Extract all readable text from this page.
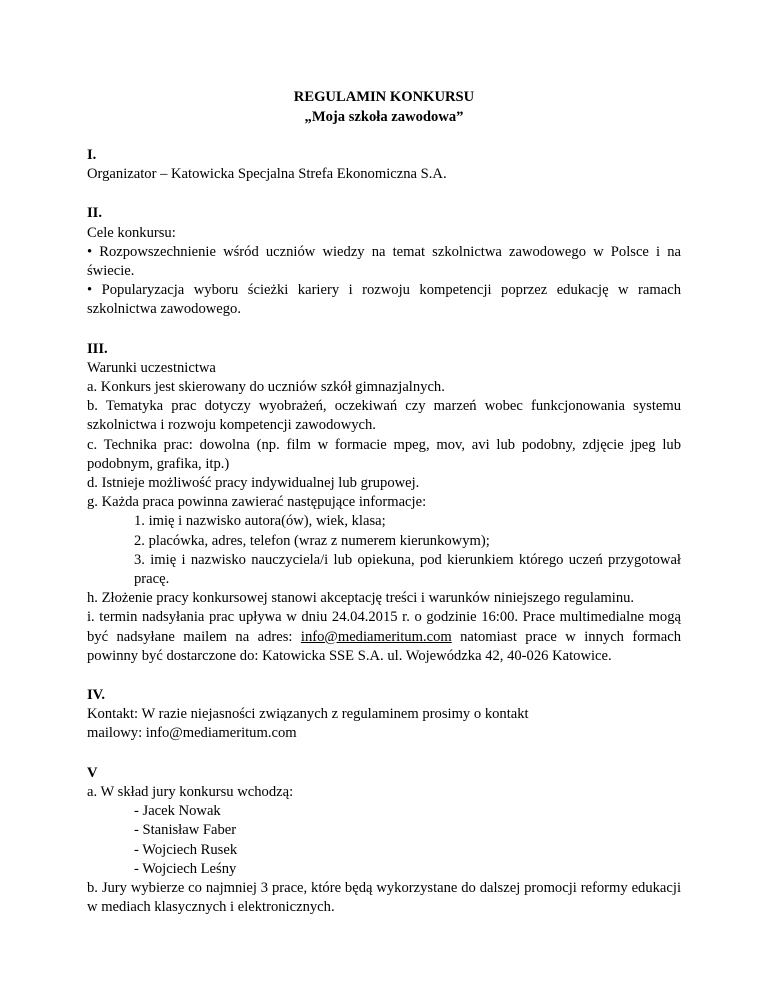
REGULAMIN KONKURSU
„Moja szkoła zawodowa”

I.

Organizator – Katowicka Specjalna Strefa Ekonomiczna S.A.

II.

Cele konkursu:

• Rozpowszechnienie wśród uczniów wiedzy na temat szkolnictwa zawodowego w Polsce i na świecie.

• Popularyzacja wyboru ścieżki kariery i rozwoju kompetencji poprzez edukację w ramach szkolnictwa zawodowego.

III.

Warunki uczestnictwa

a. Konkurs jest skierowany do uczniów szkół gimnazjalnych.

b. Tematyka prac dotyczy wyobrażeń, oczekiwań czy marzeń wobec funkcjonowania systemu szkolnictwa i rozwoju kompetencji zawodowych.

c. Technika prac: dowolna (np. film w formacie mpeg, mov, avi lub podobny, zdjęcie jpeg lub podobnym, grafika, itp.)

d. Istnieje możliwość pracy indywidualnej lub grupowej.

g. Każda praca powinna zawierać następujące informacje:

1. imię i nazwisko autora(ów), wiek, klasa;

2. placówka, adres, telefon (wraz z numerem kierunkowym);

3. imię i nazwisko nauczyciela/i lub opiekuna, pod kierunkiem którego uczeń przygotował pracę.

h. Złożenie pracy konkursowej stanowi akceptację treści i warunków niniejszego regulaminu.

i. termin nadsyłania prac upływa w dniu 24.04.2015 r. o godzinie 16:00. Prace multimedialne mogą być nadsyłane mailem na adres: info@mediameritum.com natomiast prace w innych formach powinny być dostarczone do: Katowicka SSE S.A. ul. Wojewódzka 42, 40-026 Katowice.

IV.

Kontakt: W razie niejasności związanych z regulaminem prosimy o kontakt

mailowy: info@mediameritum.com

V

a. W skład jury konkursu wchodzą:

- Jacek Nowak

- Stanisław Faber

- Wojciech Rusek

- Wojciech Leśny

b. Jury wybierze co najmniej 3 prace, które będą wykorzystane do dalszej promocji reformy edukacji w mediach klasycznych i elektronicznych.
